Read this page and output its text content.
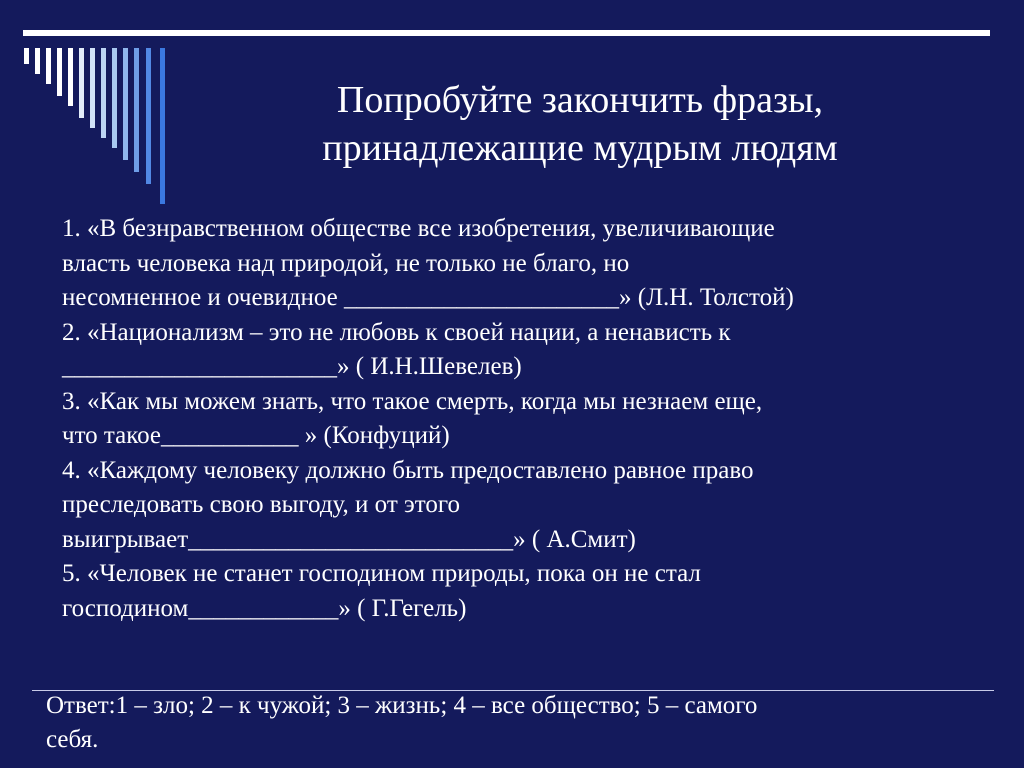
Попробуйте закончить фразы,
принадлежащие мудрым людям
1. «В безнравственном обществе все изобретения, увеличивающие
власть человека над природой, не только не благо, но
несомненное и очевидное ______________________» (Л.Н. Толстой)
2. «Национализм – это не любовь к своей нации, а ненависть к
______________________» ( И.Н.Шевелев)
3. «Как мы можем знать, что такое смерть, когда мы незнаем еще,
что такое___________ » (Конфуций)
4. «Каждому человеку должно быть предоставлено равное право
преследовать свою выгоду, и от этого
выигрывает__________________________» ( А.Смит)
5. «Человек не станет господином природы, пока он не стал
господином____________» ( Г.Гегель)
Ответ:1 – зло; 2 – к чужой; 3 – жизнь; 4 – все общество; 5 – самого
себя.
